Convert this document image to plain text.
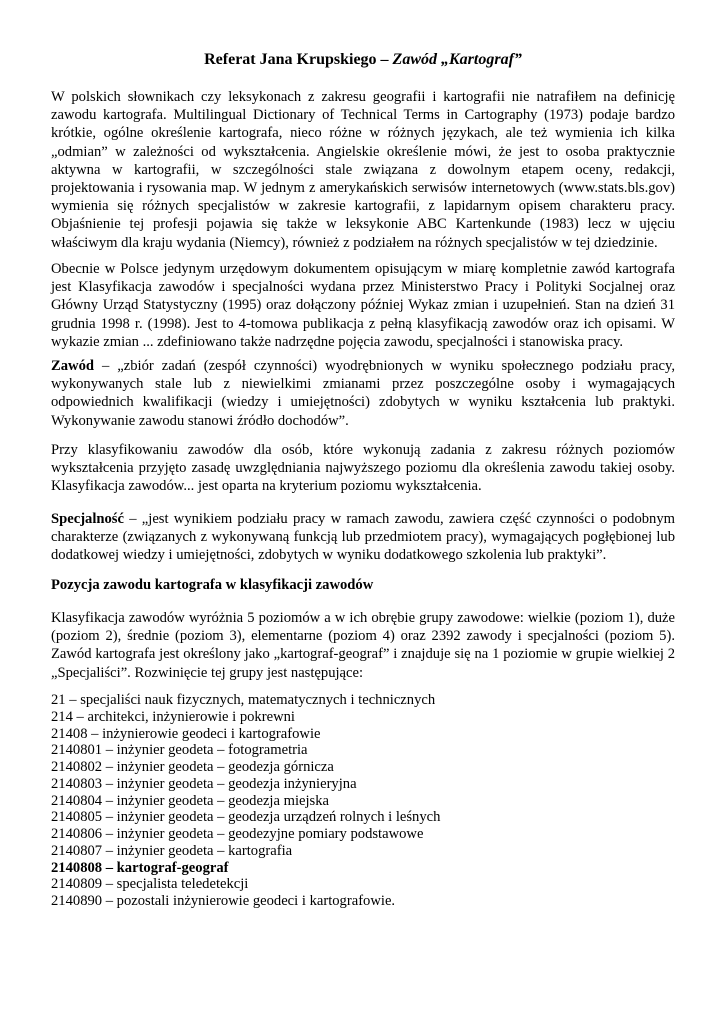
Referat Jana Krupskiego – Zawód „Kartograf”

W polskich słownikach czy leksykonach z zakresu geografii i kartografii nie natrafiłem na definicję zawodu kartografa. Multilingual Dictionary of Technical Terms in Cartography (1973) podaje bardzo krótkie, ogólne określenie kartografa, nieco różne w różnych językach, ale też wymienia ich kilka „odmian” w zależności od wykształcenia. Angielskie określenie mówi, że jest to osoba praktycznie aktywna w kartografii, w szczególności stale związana z dowolnym etapem oceny, redakcji, projektowania i rysowania map. W jednym z amerykańskich serwisów internetowych (www.stats.bls.gov) wymienia się różnych specjalistów w zakresie kartografii, z lapidarnym opisem charakteru pracy. Objaśnienie tej profesji pojawia się także w leksykonie ABC Kartenkunde (1983) lecz w ujęciu właściwym dla kraju wydania (Niemcy), również z podziałem na różnych specjalistów w tej dziedzinie.

Obecnie w Polsce jedynym urzędowym dokumentem opisującym w miarę kompletnie zawód kartografa jest Klasyfikacja zawodów i specjalności wydana przez Ministerstwo Pracy i Polityki Socjalnej oraz Główny Urząd Statystyczny (1995) oraz dołączony później Wykaz zmian i uzupełnień. Stan na dzień 31 grudnia 1998 r. (1998). Jest to 4-tomowa publikacja z pełną klasyfikacją zawodów oraz ich opisami. W wykazie zmian ... zdefiniowano także nadrzędne pojęcia zawodu, specjalności i stanowiska pracy.

Zawód – „zbiór zadań (zespół czynności) wyodrębnionych w wyniku społecznego podziału pracy, wykonywanych stale lub z niewielkimi zmianami przez poszczególne osoby i wymagających odpowiednich kwalifikacji (wiedzy i umiejętności) zdobytych w wyniku kształcenia lub praktyki. Wykonywanie zawodu stanowi źródło dochodów”.

Przy klasyfikowaniu zawodów dla osób, które wykonują zadania z zakresu różnych poziomów wykształcenia przyjęto zasadę uwzględniania najwyższego poziomu dla określenia zawodu takiej osoby. Klasyfikacja zawodów... jest oparta na kryterium poziomu wykształcenia.

Specjalność – „jest wynikiem podziału pracy w ramach zawodu, zawiera część czynności o podobnym charakterze (związanych z wykonywaną funkcją lub przedmiotem pracy), wymagających pogłębionej lub dodatkowej wiedzy i umiejętności, zdobytych w wyniku dodatkowego szkolenia lub praktyki”.

Pozycja zawodu kartografa w klasyfikacji zawodów

Klasyfikacja zawodów wyróżnia 5 poziomów a w ich obrębie grupy zawodowe: wielkie (poziom 1), duże (poziom 2), średnie (poziom 3), elementarne (poziom 4) oraz 2392 zawody i specjalności (poziom 5). Zawód kartografa jest określony jako „kartograf-geograf” i znajduje się na 1 poziomie w grupie wielkiej 2 „Specjaliści”. Rozwinięcie tej grupy jest następujące:

21 – specjaliści nauk fizycznych, matematycznych i technicznych
214 – architekci, inżynierowie i pokrewni
21408 – inżynierowie geodeci i kartografowie
2140801 – inżynier geodeta – fotogrametria
2140802 – inżynier geodeta – geodezja górnicza
2140803 – inżynier geodeta – geodezja inżynieryjna
2140804 – inżynier geodeta – geodezja miejska
2140805 – inżynier geodeta – geodezja urządzeń rolnych i leśnych
2140806 – inżynier geodeta – geodezyjne pomiary podstawowe
2140807 – inżynier geodeta – kartografia
2140808 – kartograf-geograf
2140809 – specjalista teledetekcji
2140890 – pozostali inżynierowie geodeci i kartografowie.
